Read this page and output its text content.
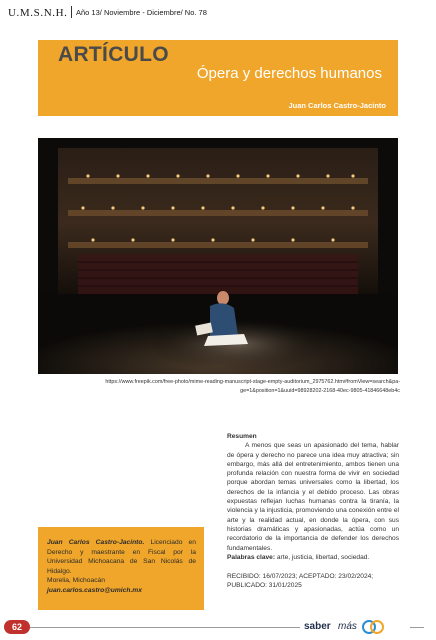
U.M.S.N.H. Año 13/ Noviembre - Diciembre/ No. 78
ARTÍCULO
Ópera y derechos humanos
Juan Carlos Castro-Jacinto
https://www.freepik.com/free-photo/mime-reading-manuscript-stage-empty-auditorium_2975762.htm#fromView=search&pa-
ge=1&position=1&uuid=98928202-2168-40ec-9805-41846648eb4c
Resumen

A menos que seas un apasionado del tema, hablar de ópera y derecho no parece una idea muy atractiva; sin embargo, más allá del entretenimiento, ambos tienen una profunda relación con nuestra forma de vivir en sociedad porque abordan temas universales como la libertad, los derechos de la infancia y el debido proceso. Las obras expuestas reflejan luchas humanas contra la tiranía, la violencia y la injusticia, promoviendo una conexión entre el arte y la realidad actual, en donde la ópera, con sus historias dramáticas y apasionadas, actúa como un recordatorio de la importancia de defender los derechos fundamentales.

Palabras clave: arte, justicia, libertad, sociedad.

RECIBIDO: 16/07/2023; ACEPTADO: 23/02/2024; PUBLICADO: 31/01/2025

Juan Carlos Castro-Jacinto. Licenciado en Derecho y maestrante en Fiscal por la Universidad Michoacana de San Nicolás de Hidalgo.

Morelia, Michoacán

juan.carlos.castro@umich.mx

62	saber más
